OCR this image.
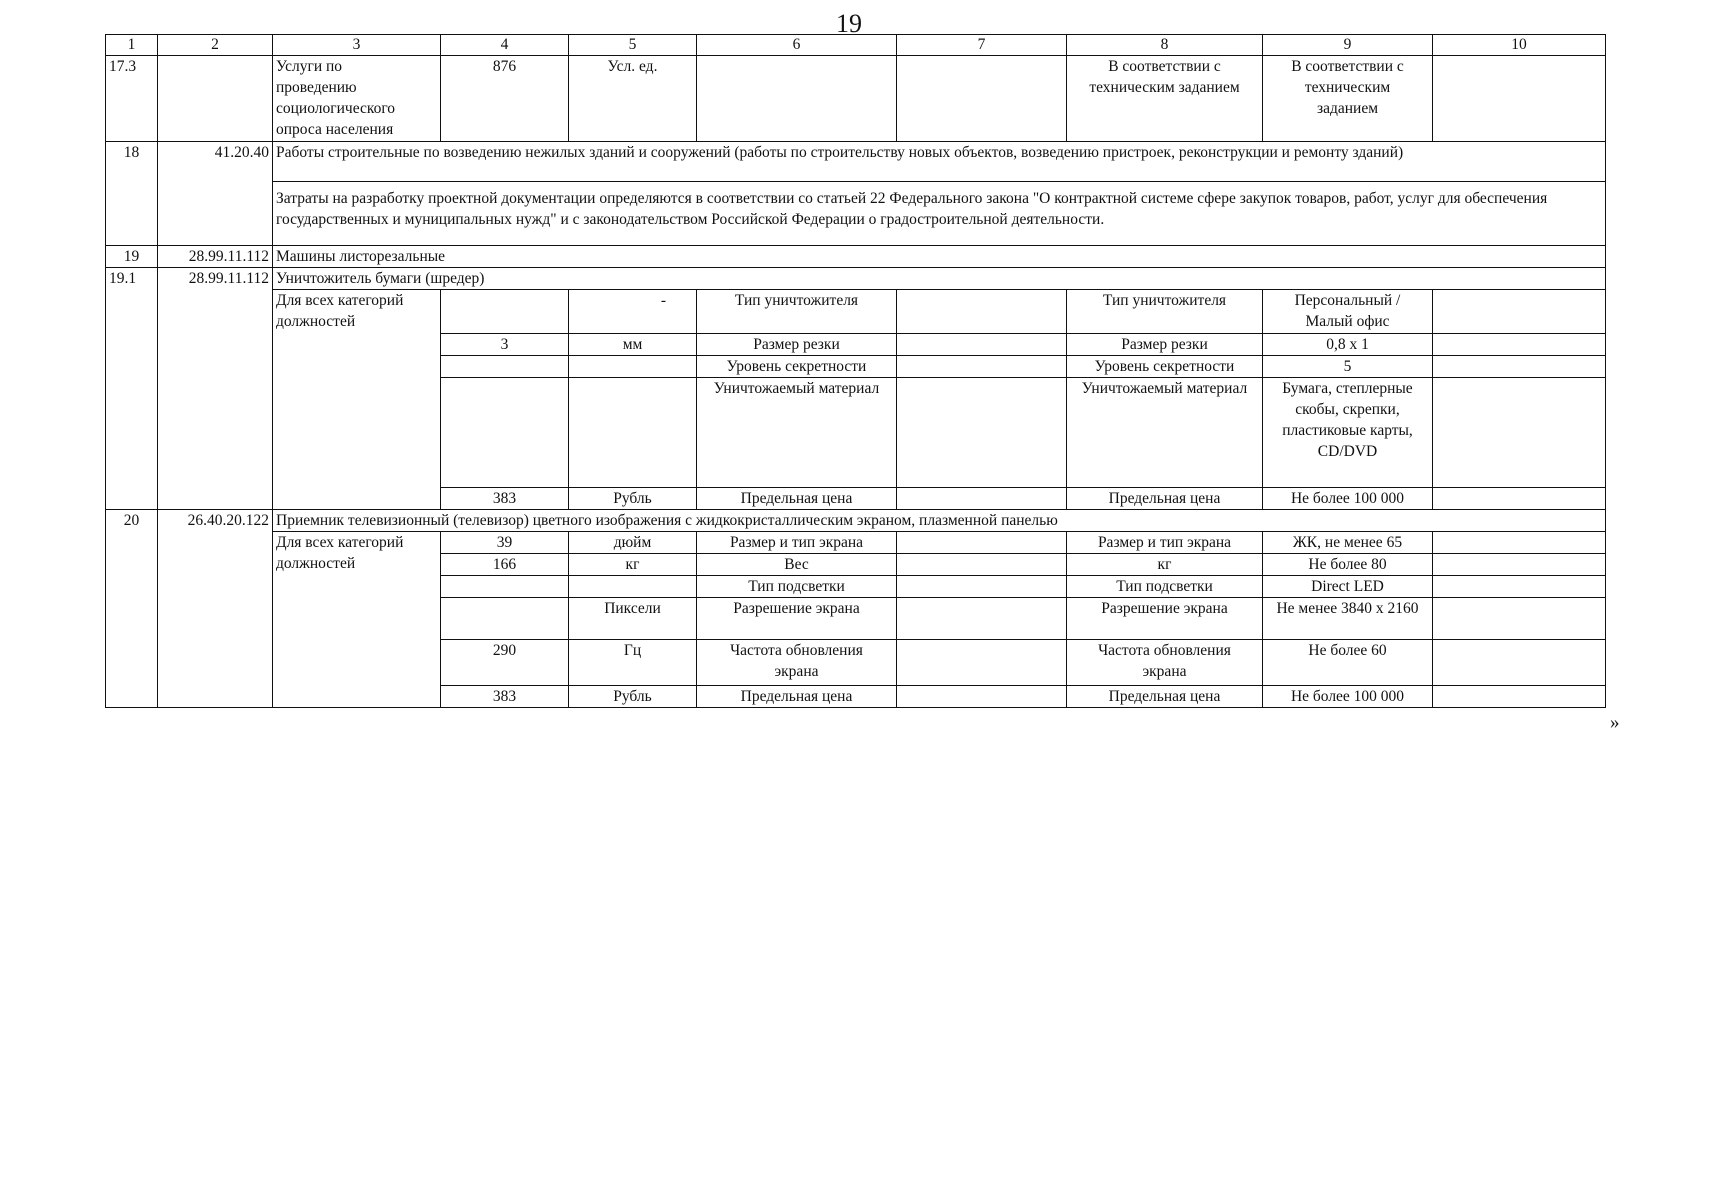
19
1	2	3	4	5	6	7	8	9	10
17.3		Услуги по
проведению
социологического
опроса населения	876	Усл. ед.			В соответствии с
техническим заданием	В соответствии с
техническим
заданием	
18	41.20.40	Работы строительные по возведению нежилых зданий и сооружений (работы по строительству новых объектов, возведению пристроек, реконструкции и ремонту зданий)							
		Затраты на разработку проектной документации определяются в соответствии со статьей 22 Федерального закона "О контрактной системе сфере закупок товаров, работ, услуг для обеспечения государственных и муниципальных нужд" и с законодательством Российской Федерации о градостроительной деятельности.							
19	28.99.11.112	Машины листорезальные							
19.1	28.99.11.112	Уничтожитель бумаги (шредер)							
		Для всех категорий
должностей		-	Тип уничтожителя		Тип уничтожителя	Персональный /
Малый офис	
			3	мм	Размер резки		Размер резки	0,8 х 1	
					Уровень секретности		Уровень секретности	5	
					Уничтожаемый материал		Уничтожаемый материал	Бумага, степлерные
скобы, скрепки,
пластиковые карты,
CD/DVD	
			383	Рубль	Предельная цена		Предельная цена	Не более 100 000	
20	26.40.20.122	Приемник телевизионный (телевизор) цветного изображения с жидкокристаллическим экраном, плазменной панелью							
		Для всех категорий
должностей	39	дюйм	Размер и тип экрана		Размер и тип экрана	ЖК, не менее 65	
			166	кг	Вес		кг	Не более 80	
					Тип подсветки		Тип подсветки	Direct LED	
				Пиксели	Разрешение экрана		Разрешение экрана	Не менее 3840 х 2160	
			290	Гц	Частота обновления
экрана		Частота обновления
экрана	Не более 60	
			383	Рубль	Предельная цена		Предельная цена	Не более 100 000	
»
